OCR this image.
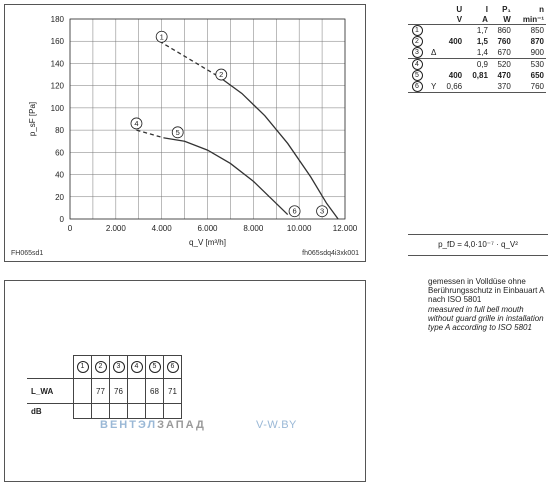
0	2.000	4.000	6.000	8.000	10.000	12.000
0
20
40
60
80
100
120
140
160
180
q_V [m³/h]
p_sF [Pa]
1
2
4
5
6	3
FH065sd1	fh065sdq4i3xk001
		U	I	P₁	n
		V	A	W	min⁻¹
1			1,7	860	850
2		400	1,5	760	870
3	Δ		1,4	670	900
4			0,9	520	530
5		400	0,81	470	650
6	Y	0,66		370	760
p_fD = 4,0·10⁻⁷ · q_V²
gemessen in Volldüse ohne Berührungsschutz in Einbauart A nach ISO 5801
measured in full bell mouth without guard grille in installation type A according to ISO 5801
	1	2	3	4	5	6
L_WA		77	76		68	71
dB						
ВЕНТЭЛЗАПАД	V-W.BY
